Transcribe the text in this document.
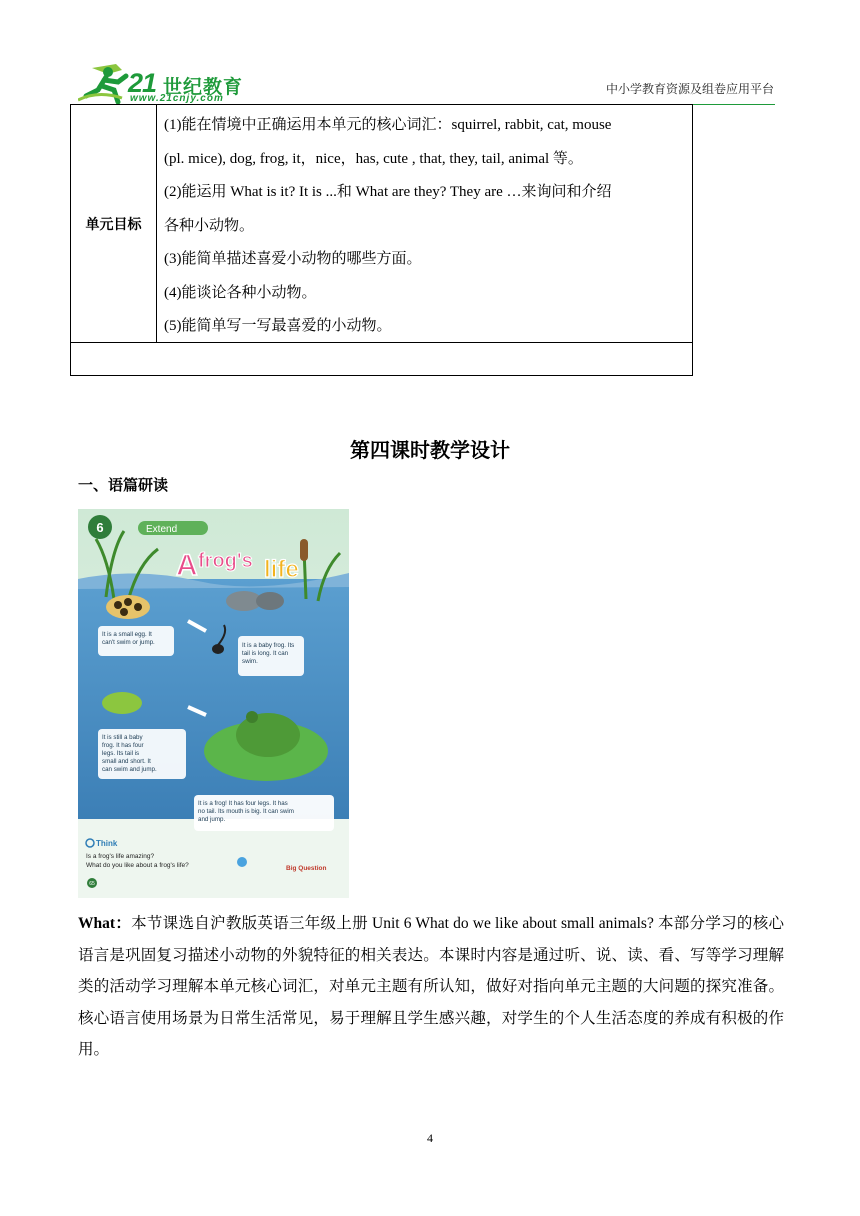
21 世纪教育
www.21cnjy.com
中小学教育资源及组卷应用平台
单元目标

(1)能在情境中正确运用本单元的核心词汇：squirrel, rabbit, cat, mouse

(pl. mice), dog, frog, it，nice，has, cute , that, they, tail, animal 等。

(2)能运用 What is it? It is ...和 What are they? They are …来询问和介绍

各种小动物。

(3)能简单描述喜爱小动物的哪些方面。

(4)能谈论各种小动物。

(5)能简单写一写最喜爱的小动物。

第四课时教学设计
一、语篇研读
6	Extend
A frog's life
It is a small egg. It can't swim or jump.	It is a baby frog. Its tail is long. It can swim.
It is still a baby frog. It has four legs. Its tail is small and short. It can swim and jump.
It is a frog! It has four legs. It has no tail. Its mouth is big. It can swim and jump.
Think
Is a frog's life amazing?
What do you like about a frog's life?	Big Question
65
What：本节课选自沪教版英语三年级上册 Unit 6 What do we like about small animals? 本部分学习的核心语言是巩固复习描述小动物的外貌特征的相关表达。本课时内容是通过听、说、读、看、写等学习理解类的活动学习理解本单元核心词汇，对单元主题有所认知，做好对指向单元主题的大问题的探究准备。核心语言使用场景为日常生活常见，易于理解且学生感兴趣，对学生的个人生活态度的养成有积极的作用。
4
